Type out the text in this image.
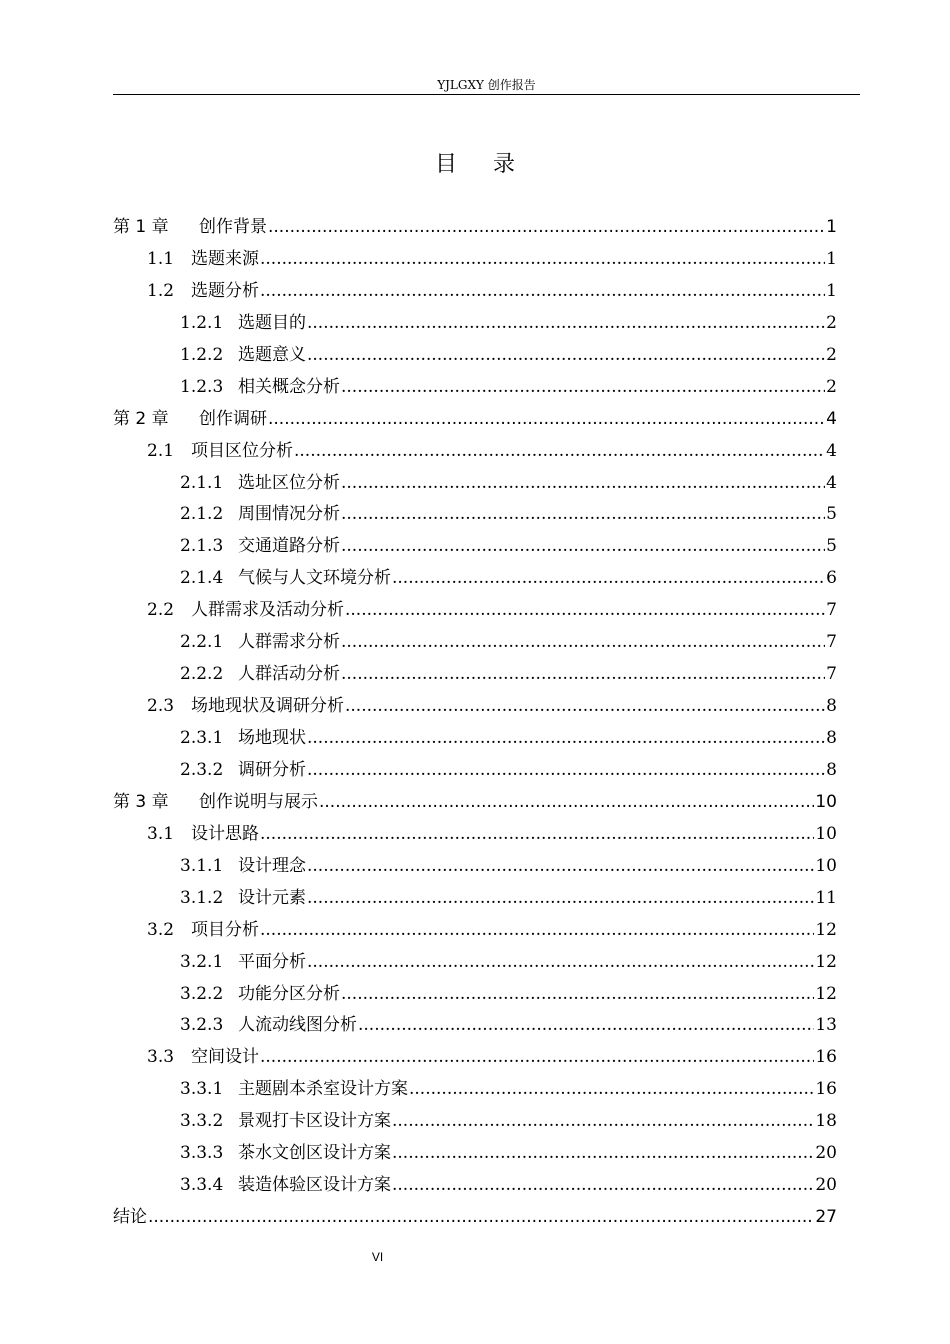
YJLGXY 创作报告
目录
第 1 章	创作背景 .....	1
1.1 选题来源 .....	1
1.2 选题分析 .....	1
1.2.1 选题目的 .....	2
1.2.2 选题意义 .....	2
1.2.3 相关概念分析 .....	2
第 2 章	创作调研 .....	4
2.1 项目区位分析 .....	4
2.1.1 选址区位分析 .....	4
2.1.2 周围情况分析 .....	5
2.1.3 交通道路分析 .....	5
2.1.4 气候与人文环境分析 .....	6
2.2 人群需求及活动分析 .....	7
2.2.1 人群需求分析 .....	7
2.2.2 人群活动分析 .....	7
2.3 场地现状及调研分析 .....	8
2.3.1 场地现状 .....	8
2.3.2 调研分析 .....	8
第 3 章	创作说明与展示 .....	10
3.1 设计思路 .....	10
3.1.1 设计理念 .....	10
3.1.2 设计元素 .....	11
3.2 项目分析 .....	12
3.2.1 平面分析 .....	12
3.2.2 功能分区分析 .....	12
3.2.3 人流动线图分析 .....	13
3.3 空间设计 .....	16
3.3.1 主题剧本杀室设计方案 .....	16
3.3.2 景观打卡区设计方案 .....	18
3.3.3 茶水文创区设计方案 .....	20
3.3.4 装造体验区设计方案 .....	20
结论 .....	27
VI
